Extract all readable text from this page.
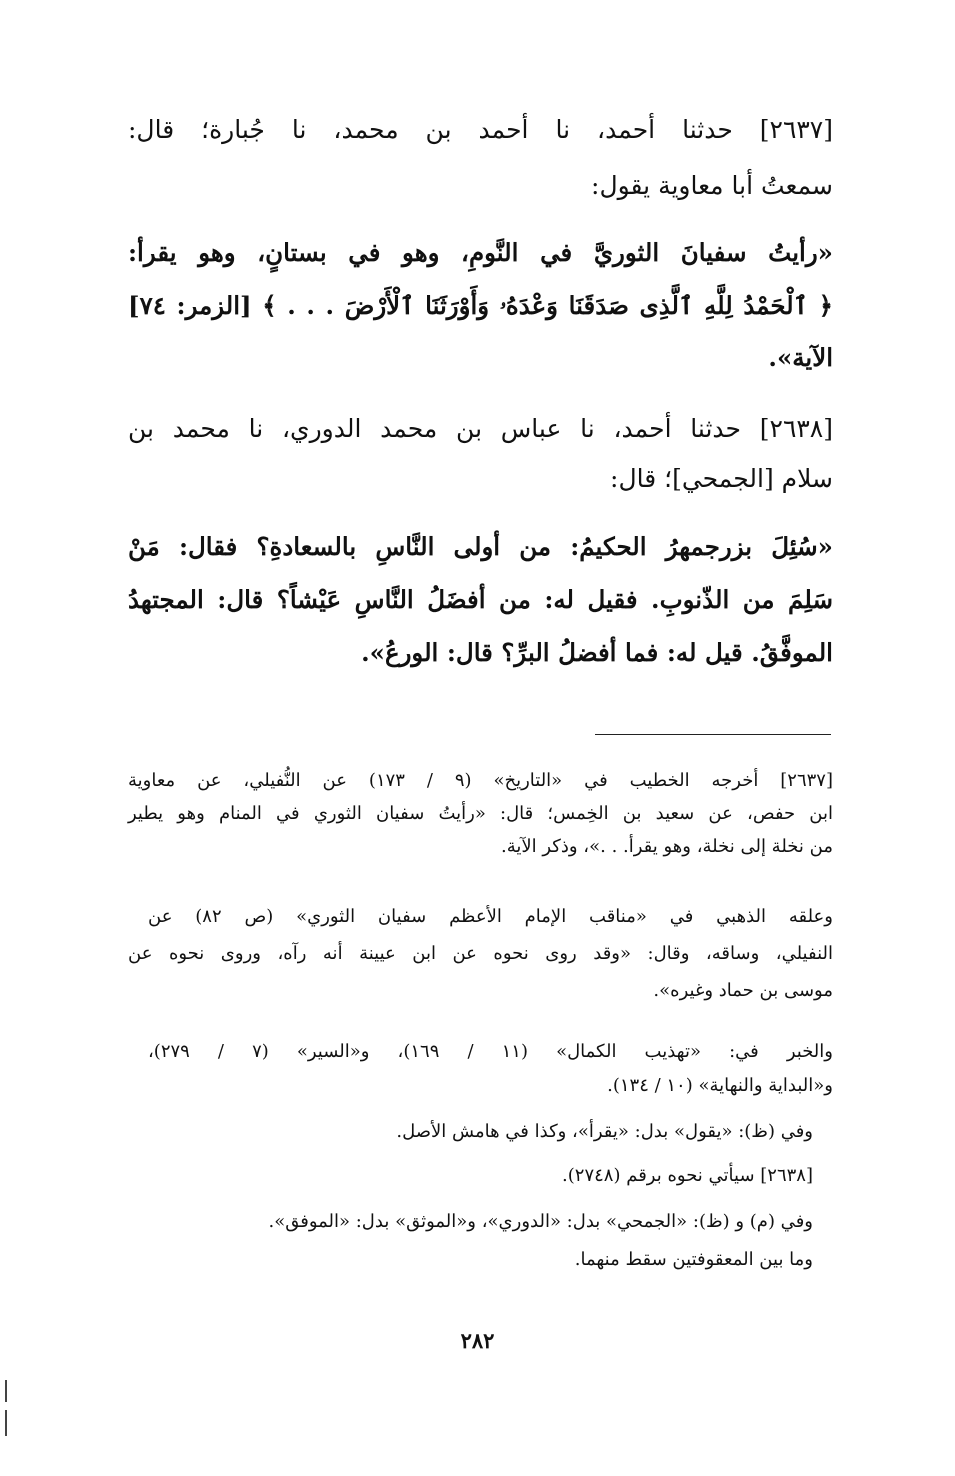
[٢٦٣٧] حدثنا أحمد، نا أحمد بن محمد، نا جُبارة؛ قال:
سمعتُ أبا معاوية يقول:
«رأيتُ سفيانَ الثوريَّ في النَّومِ، وهو في بستانٍ، وهو يقرأ:
﴿ ٱلْحَمْدُ لِلَّهِ ٱلَّذِى صَدَقَنَا وَعْدَهُۥ وَأَوْرَثَنَا ٱلْأَرْضَ . . . ﴾ [الزمر: ٧٤]
الآية».
[٢٦٣٨] حدثنا أحمد، نا عباس بن محمد الدوري، نا محمد بن
سلام [الجمحي]؛ قال:
«سُئِلَ بزرجمهرُ الحكيمُ: من أولى النَّاسِ بالسعادةِ؟ فقال: مَنْ
سَلِمَ من الذّنوبِ. فقيل له: من أفضَلُ النَّاسِ عَيْشاً؟ قال: المجتهدُ
الموفَّقُ. قيل له: فما أفضلُ البرِّ؟ قال: الورعُ».
[٢٦٣٧] أخرجه الخطيب في «التاريخ» (٩ / ١٧٣) عن النُّفيلي، عن معاوية
ابن حفص، عن سعيد بن الخِمس؛ قال: «رأيتُ سفيان الثوري في المنام وهو يطير
من نخلة إلى نخلة، وهو يقرأ. . .»، وذكر الآية.
وعلقه الذهبي في «مناقب الإمام الأعظم سفيان الثوري» (ص ٨٢) عن
النفيلي، وساقه، وقال: «وقد روى نحوه عن ابن عيينة أنه رآه، وروى نحوه عن
موسى بن حماد وغيره».
والخبر في: «تهذيب الكمال» (١١ / ١٦٩)، و«السير» (٧ / ٢٧٩)،
و«البداية والنهاية» (١٠ / ١٣٤).
وفي (ظ): «يقول» بدل: «يقرأ»، وكذا في هامش الأصل.
[٢٦٣٨] سيأتي نحوه برقم (٢٧٤٨).
وفي (م) و (ظ): «الجمحي» بدل: «الدوري»، و«الموثق» بدل: «الموفق».
وما بين المعقوفتين سقط منهما.
٢٨٢
